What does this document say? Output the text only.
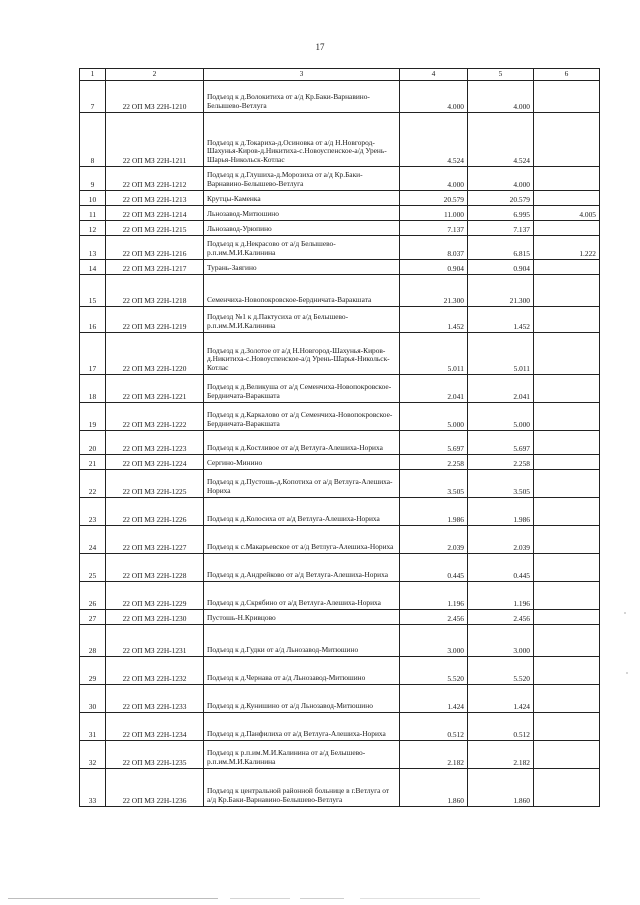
17
1	2	3	4	5	6
7	22 ОП МЗ 22Н-1210	Подъезд к д.Волокитиха от а/д Кр.Баки-Варнавино-Белышево-Ветлуга	4.000	4.000	
8	22 ОП МЗ 22Н-1211	Подъезд к д.Токариха-д.Осиновка от а/д Н.Новгород-Шахунья-Киров-д.Никитиха-с.Новоуспенское-а/д Урень-Шарья-Никольск-Котлас	4.524	4.524	
9	22 ОП МЗ 22Н-1212	Подъезд к д.Глушиха-д.Морозиха от а/д Кр.Баки-Варнавино-Белышево-Ветлуга	4.000	4.000	
10	22 ОП МЗ 22Н-1213	Крутцы-Каменка	20.579	20.579	
11	22 ОП МЗ 22Н-1214	Льнозавод-Митюшино	11.000	6.995	4.005
12	22 ОП МЗ 22Н-1215	Льнозавод-Урюпино	7.137	7.137	
13	22 ОП МЗ 22Н-1216	Подъезд к д.Некрасово от а/д Белышево-р.п.им.М.И.Калинина	8.037	6.815	1.222
14	22 ОП МЗ 22Н-1217	Турань-Заягино	0.904	0.904	
15	22 ОП МЗ 22Н-1218	Семенчиха-Новопокровское-Бердничата-Варакшата	21.300	21.300	
16	22 ОП МЗ 22Н-1219	Подъезд №1 к д.Пактусиха от а/д Белышево-р.п.им.М.И.Калинина	1.452	1.452	
17	22 ОП МЗ 22Н-1220	Подъезд к д.Золотое от а/д Н.Новгород-Шахунья-Киров-д.Никитиха-с.Новоуспенское-а/д Урень-Шарья-Никольск-Котлас	5.011	5.011	
18	22 ОП МЗ 22Н-1221	Подъезд к д.Великуша от а/д Семенчиха-Новопокровское-Бердничата-Варакшата	2.041	2.041	
19	22 ОП МЗ 22Н-1222	Подъезд к д.Каркалово от а/д Семенчиха-Новопокровское-Бердничата-Варакшата	5.000	5.000	
20	22 ОП МЗ 22Н-1223	Подъезд к д.Костливое от а/д Ветлуга-Алешиха-Нориха	5.697	5.697	
21	22 ОП МЗ 22Н-1224	Сергино-Минино	2.258	2.258	
22	22 ОП МЗ 22Н-1225	Подъезд к д.Пустошь-д.Копотиха от а/д Ветлуга-Алешиха-Нориха	3.505	3.505	
23	22 ОП МЗ 22Н-1226	Подъезд к д.Колосиха от а/д Ветлуга-Алешиха-Нориха	1.986	1.986	
24	22 ОП МЗ 22Н-1227	Подъезд к с.Макарьевское от а/д Ветлуга-Алешиха-Нориха	2.039	2.039	
25	22 ОП МЗ 22Н-1228	Подъезд к д.Андрейково от а/д Ветлуга-Алешиха-Нориха	0.445	0.445	
26	22 ОП МЗ 22Н-1229	Подъезд к д.Скрябино от а/д Ветлуга-Алешиха-Нориха	1.196	1.196	
27	22 ОП МЗ 22Н-1230	Пустошь-Н.Кривцово	2.456	2.456	
28	22 ОП МЗ 22Н-1231	Подъезд к д.Гудки от а/д Льнозавод-Митюшино	3.000	3.000	
29	22 ОП МЗ 22Н-1232	Подъезд к д.Чернава от а/д Льнозавод-Митюшино	5.520	5.520	
30	22 ОП МЗ 22Н-1233	Подъезд к д.Кунишино от а/д Льнозавод-Митюшино	1.424	1.424	
31	22 ОП МЗ 22Н-1234	Подъезд к д.Панфилиха от а/д Ветлуга-Алешиха-Нориха	0.512	0.512	
32	22 ОП МЗ 22Н-1235	Подъезд к р.п.им.М.И.Калинина от а/д Белышево-р.п.им.М.И.Калинина	2.182	2.182	
33	22 ОП МЗ 22Н-1236	Подъезд к центральной районной больнице в г.Ветлуга от а/д Кр.Баки-Варнавино-Белышево-Ветлуга	1.860	1.860	
